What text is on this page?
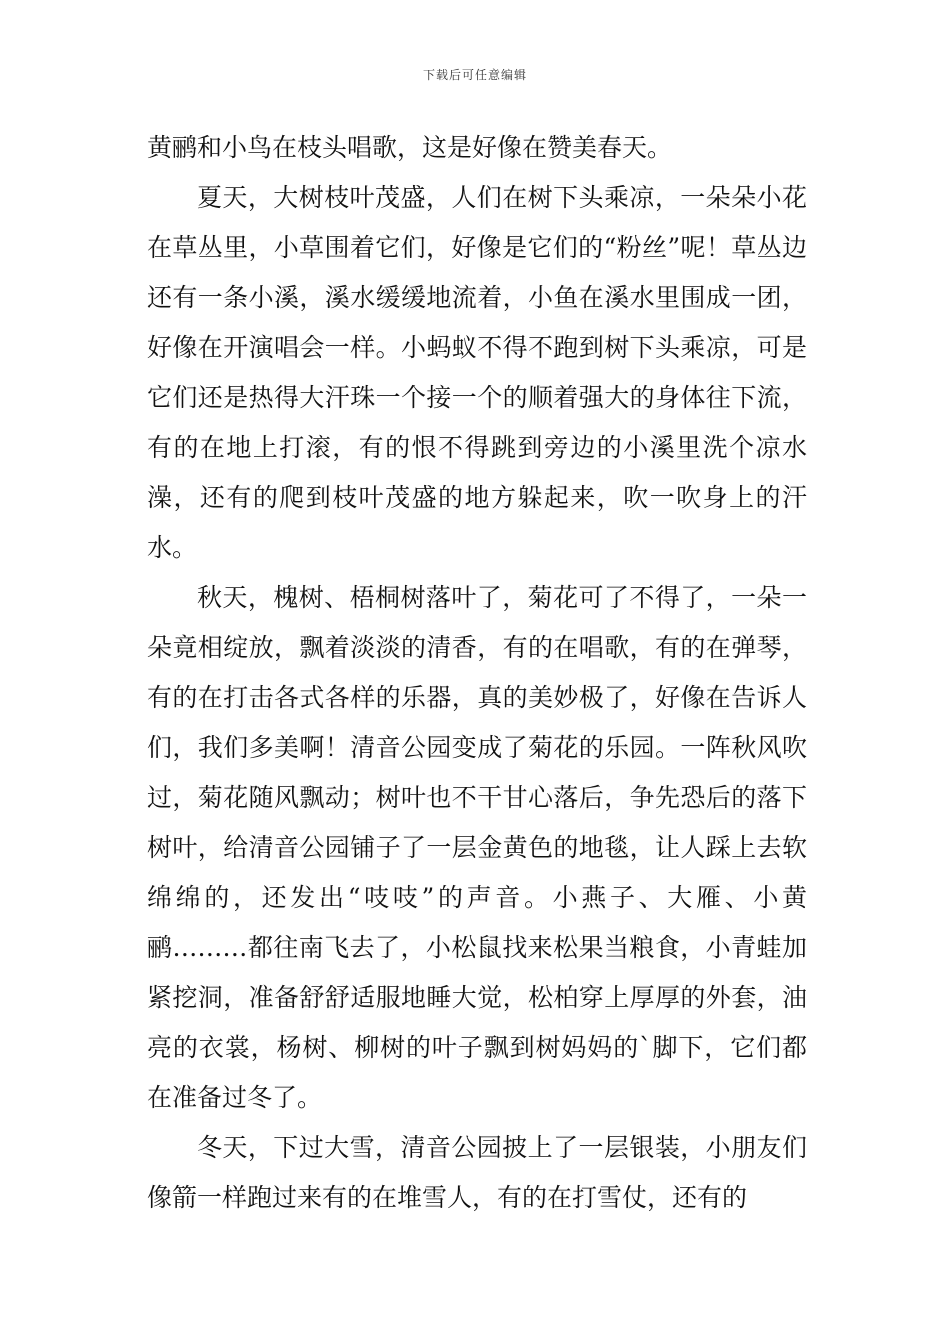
下载后可任意编辑

黄鹂和小鸟在枝头唱歌，这是好像在赞美春天。

夏天，大树枝叶茂盛，人们在树下头乘凉，一朵朵小花在草丛里，小草围着它们，好像是它们的“粉丝”呢！草丛边还有一条小溪，溪水缓缓地流着，小鱼在溪水里围成一团，好像在开演唱会一样。小蚂蚁不得不跑到树下头乘凉，可是它们还是热得大汗珠一个接一个的顺着强大的身体往下流，有的在地上打滚，有的恨不得跳到旁边的小溪里洗个凉水澡，还有的爬到枝叶茂盛的地方躲起来，吹一吹身上的汗水。

秋天，槐树、梧桐树落叶了，菊花可了不得了，一朵一朵竟相绽放，飘着淡淡的清香，有的在唱歌，有的在弹琴，有的在打击各式各样的乐器，真的美妙极了，好像在告诉人们，我们多美啊！清音公园变成了菊花的乐园。一阵秋风吹过，菊花随风飘动；树叶也不干甘心落后，争先恐后的落下树叶，给清音公园铺子了一层金黄色的地毯，让人踩上去软绵绵的，还发出“吱吱”的声音。小燕子、大雁、小黄鹂………都往南飞去了，小松鼠找来松果当粮食，小青蛙加紧挖洞，准备舒舒适服地睡大觉，松柏穿上厚厚的外套，油亮的衣裳，杨树、柳树的叶子飘到树妈妈的`脚下，它们都在准备过冬了。

冬天，下过大雪，清音公园披上了一层银装，小朋友们像箭一样跑过来有的在堆雪人，有的在打雪仗，还有的
